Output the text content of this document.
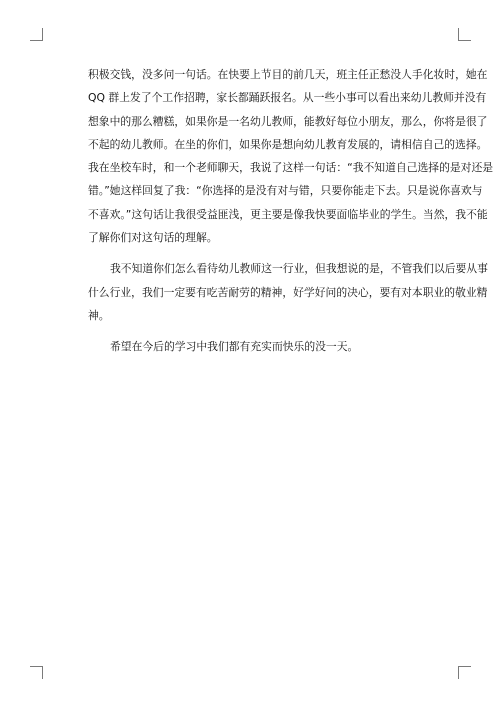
积极交钱，没多问一句话。在快要上节目的前几天，班主任正愁没人手化妆时，她在
QQ 群上发了个工作招聘，家长都踊跃报名。从一些小事可以看出来幼儿教师并没有
想象中的那么糟糕，如果你是一名幼儿教师，能教好每位小朋友，那么，你将是很了
不起的幼儿教师。在坐的你们，如果你是想向幼儿教育发展的，请相信自己的选择。
我在坐校车时，和一个老师聊天，我说了这样一句话：“我不知道自己选择的是对还是
错。”她这样回复了我：“你选择的是没有对与错，只要你能走下去。只是说你喜欢与
不喜欢。”这句话让我很受益匪浅，更主要是像我快要面临毕业的学生。当然，我不能
了解你们对这句话的理解。
我不知道你们怎么看待幼儿教师这一行业，但我想说的是，不管我们以后要从事
什么行业，我们一定要有吃苦耐劳的精神，好学好问的决心，要有对本职业的敬业精
神。
希望在今后的学习中我们都有充实而快乐的没一天。
